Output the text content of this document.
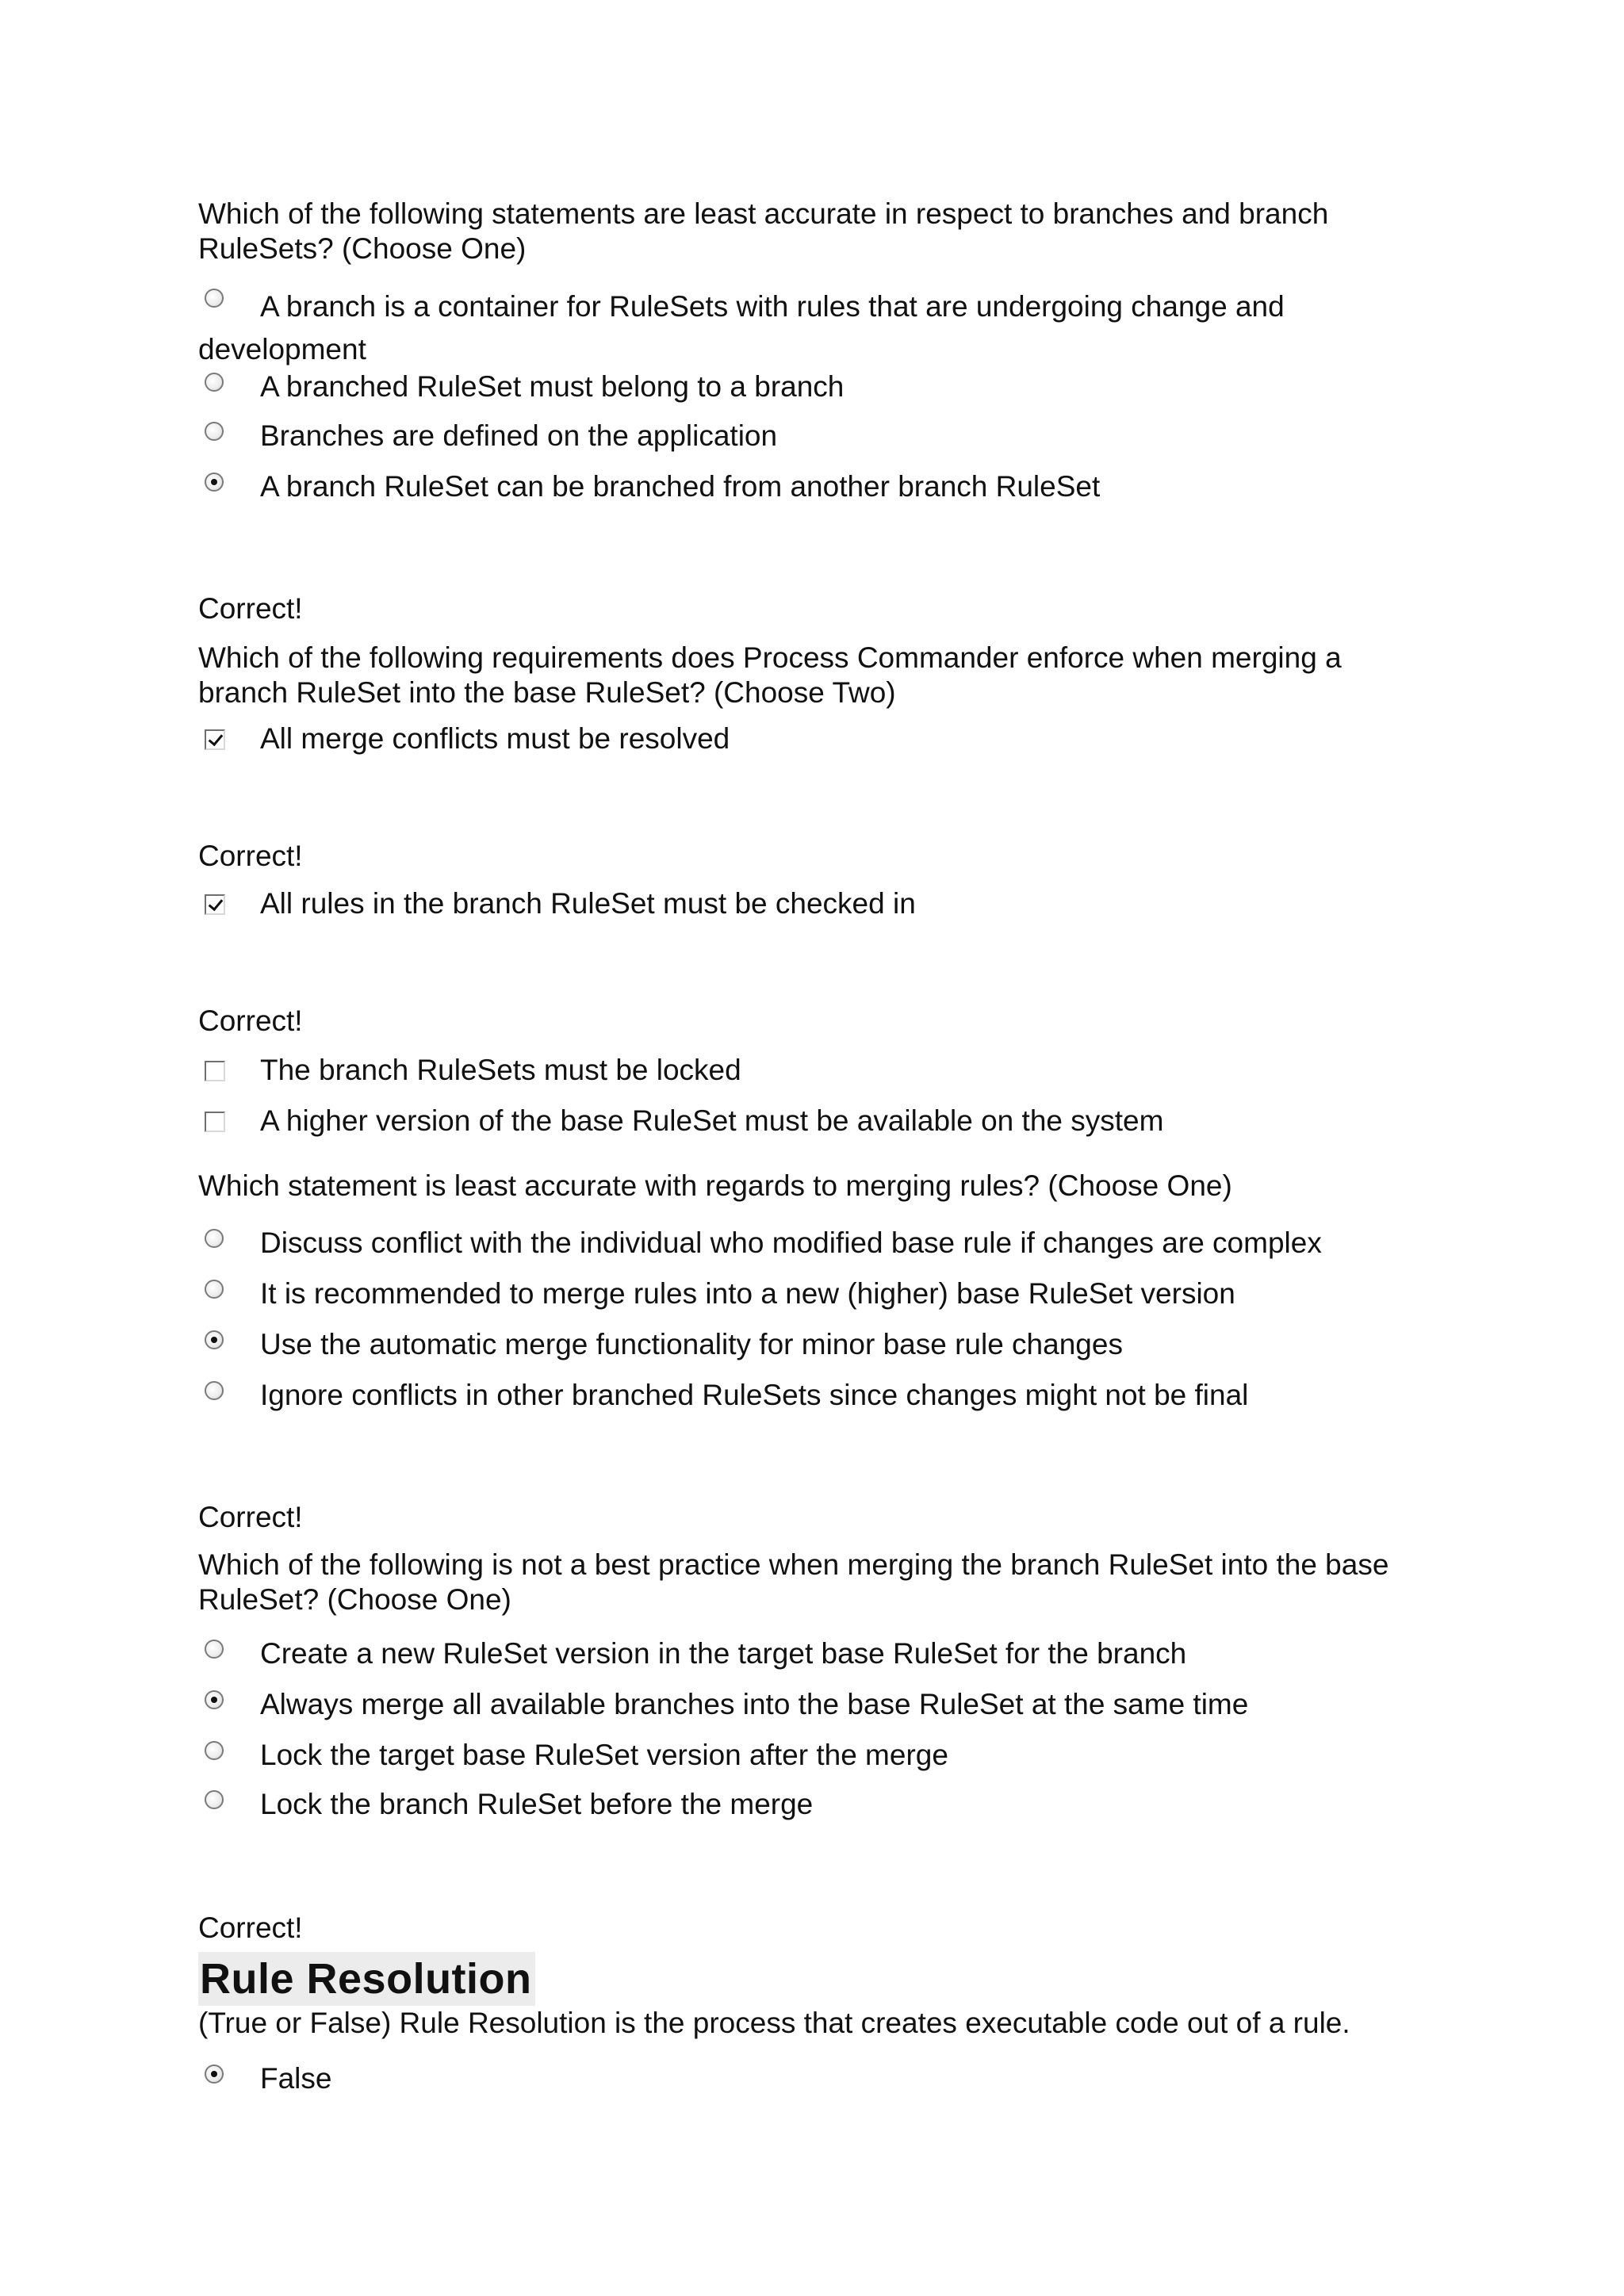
Which of the following statements are least accurate in respect to branches and branch RuleSets? (Choose One)
A branch is a container for RuleSets with rules that are undergoing change and development
A branched RuleSet must belong to a branch
Branches are defined on the application
A branch RuleSet can be branched from another branch RuleSet
Correct!
Which of the following requirements does Process Commander enforce when merging a branch RuleSet into the base RuleSet? (Choose Two)
All merge conflicts must be resolved
Correct!
All rules in the branch RuleSet must be checked in
Correct!
The branch RuleSets must be locked
A higher version of the base RuleSet must be available on the system
Which statement is least accurate with regards to merging rules? (Choose One)
Discuss conflict with the individual who modified base rule if changes are complex
It is recommended to merge rules into a new (higher) base RuleSet version
Use the automatic merge functionality for minor base rule changes
Ignore conflicts in other branched RuleSets since changes might not be final
Correct!
Which of the following is not a best practice when merging the branch RuleSet into the base RuleSet? (Choose One)
Create a new RuleSet version in the target base RuleSet for the branch
Always merge all available branches into the base RuleSet at the same time
Lock the target base RuleSet version after the merge
Lock the branch RuleSet before the merge
Correct!
Rule Resolution
(True or False) Rule Resolution is the process that creates executable code out of a rule.
False
